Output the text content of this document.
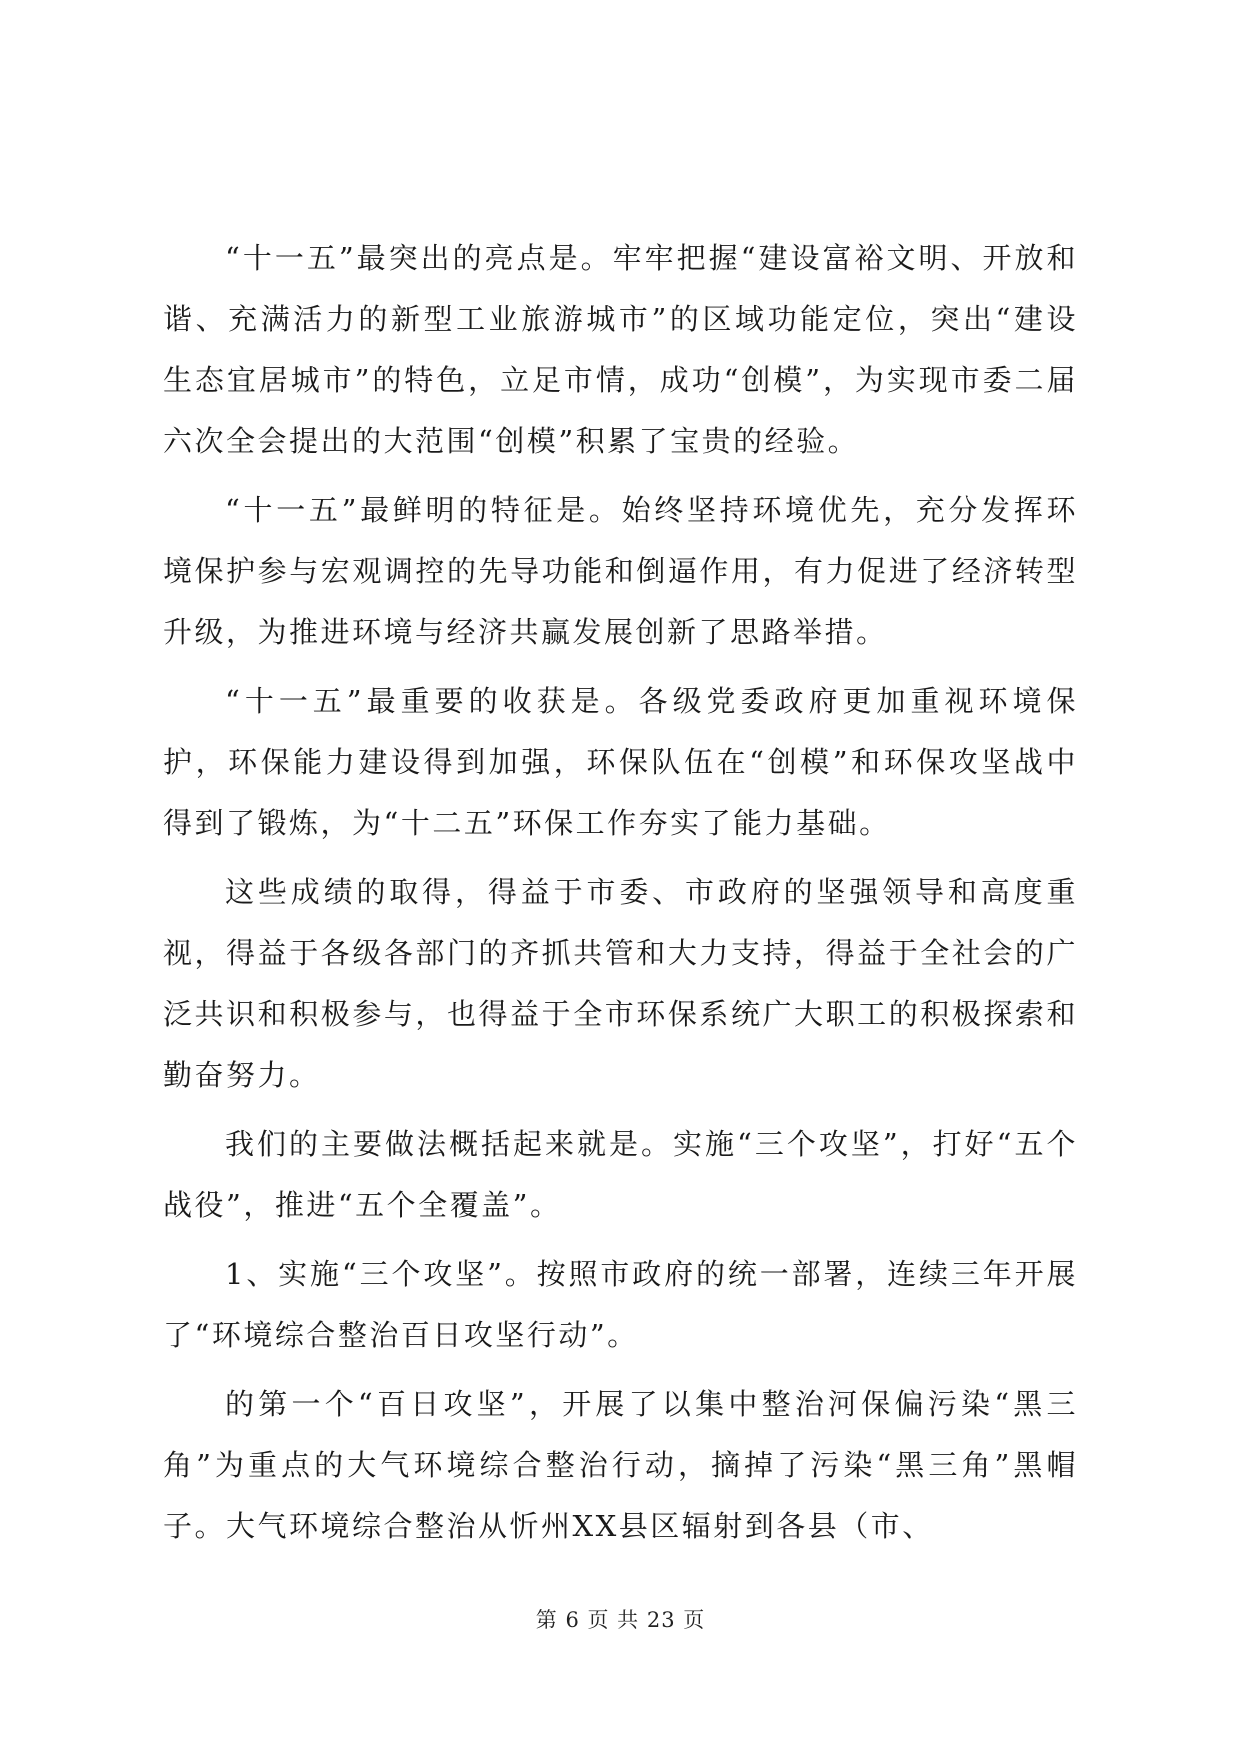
“十一五”最突出的亮点是。牢牢把握“建设富裕文明、开放和谐、充满活力的新型工业旅游城市”的区域功能定位，突出“建设生态宜居城市”的特色，立足市情，成功“创模”，为实现市委二届六次全会提出的大范围“创模”积累了宝贵的经验。

“十一五”最鲜明的特征是。始终坚持环境优先，充分发挥环境保护参与宏观调控的先导功能和倒逼作用，有力促进了经济转型升级，为推进环境与经济共赢发展创新了思路举措。

“十一五”最重要的收获是。各级党委政府更加重视环境保护，环保能力建设得到加强，环保队伍在“创模”和环保攻坚战中得到了锻炼，为“十二五”环保工作夯实了能力基础。

这些成绩的取得，得益于市委、市政府的坚强领导和高度重视，得益于各级各部门的齐抓共管和大力支持，得益于全社会的广泛共识和积极参与，也得益于全市环保系统广大职工的积极探索和勤奋努力。

我们的主要做法概括起来就是。实施“三个攻坚”，打好“五个战役”，推进“五个全覆盖”。

1、实施“三个攻坚”。按照市政府的统一部署，连续三年开展了“环境综合整治百日攻坚行动”。

的第一个“百日攻坚”，开展了以集中整治河保偏污染“黑三角”为重点的大气环境综合整治行动，摘掉了污染“黑三角”黑帽子。大气环境综合整治从忻州XX县区辐射到各县（市、

第 6 页 共 23 页
